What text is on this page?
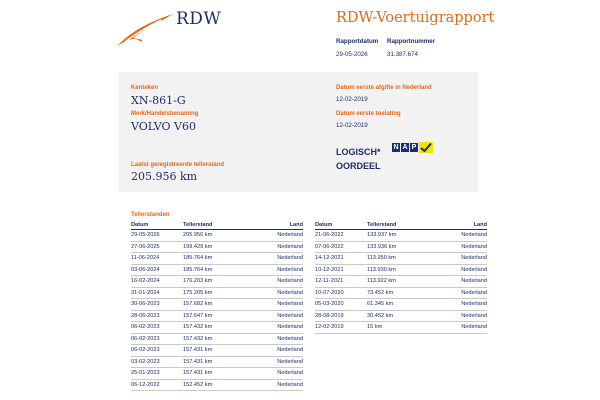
RDW	RDW-Voertuigrapport
Rapportdatum
29-05-2026
Rapportnummer
31.387.674
Kenteken
XN-861-G
Merk/Handelsbenaming
VOLVO V60
Laatst geregistreerde tellerstand
205.956 km
Datum eerste afgifte in Nederland
12-02-2019
Datum eerste toelating
12-02-2019
LOGISCH*
OORDEEL
N A P
Tellerstanden
Datum	Tellerstand	Land
29-05-2026	205.956 km	Nederland
27-06-2025	199.429 km	Nederland
11-06-2024	185.764 km	Nederland
03-06-2024	185.764 km	Nederland
16-02-2024	176.203 km	Nederland
31-01-2024	175.205 km	Nederland
30-06-2023	157.682 km	Nederland
28-06-2023	157.647 km	Nederland
06-02-2023	157.432 km	Nederland
06-02-2023	157.432 km	Nederland
06-02-2023	157.431 km	Nederland
03-02-2023	157.431 km	Nederland
25-01-2023	157.431 km	Nederland
06-12-2022	152.452 km	Nederland
Datum	Tellerstand	Land
21-06-2022	133.937 km	Nederland
07-06-2022	133.936 km	Nederland
14-12-2021	113.950 km	Nederland
10-12-2021	113.930 km	Nederland
12-11-2021	113.922 km	Nederland
10-07-2020	73.452 km	Nederland
05-03-2020	61.345 km	Nederland
28-08-2019	30.452 km	Nederland
12-02-2019	15 km	Nederland
